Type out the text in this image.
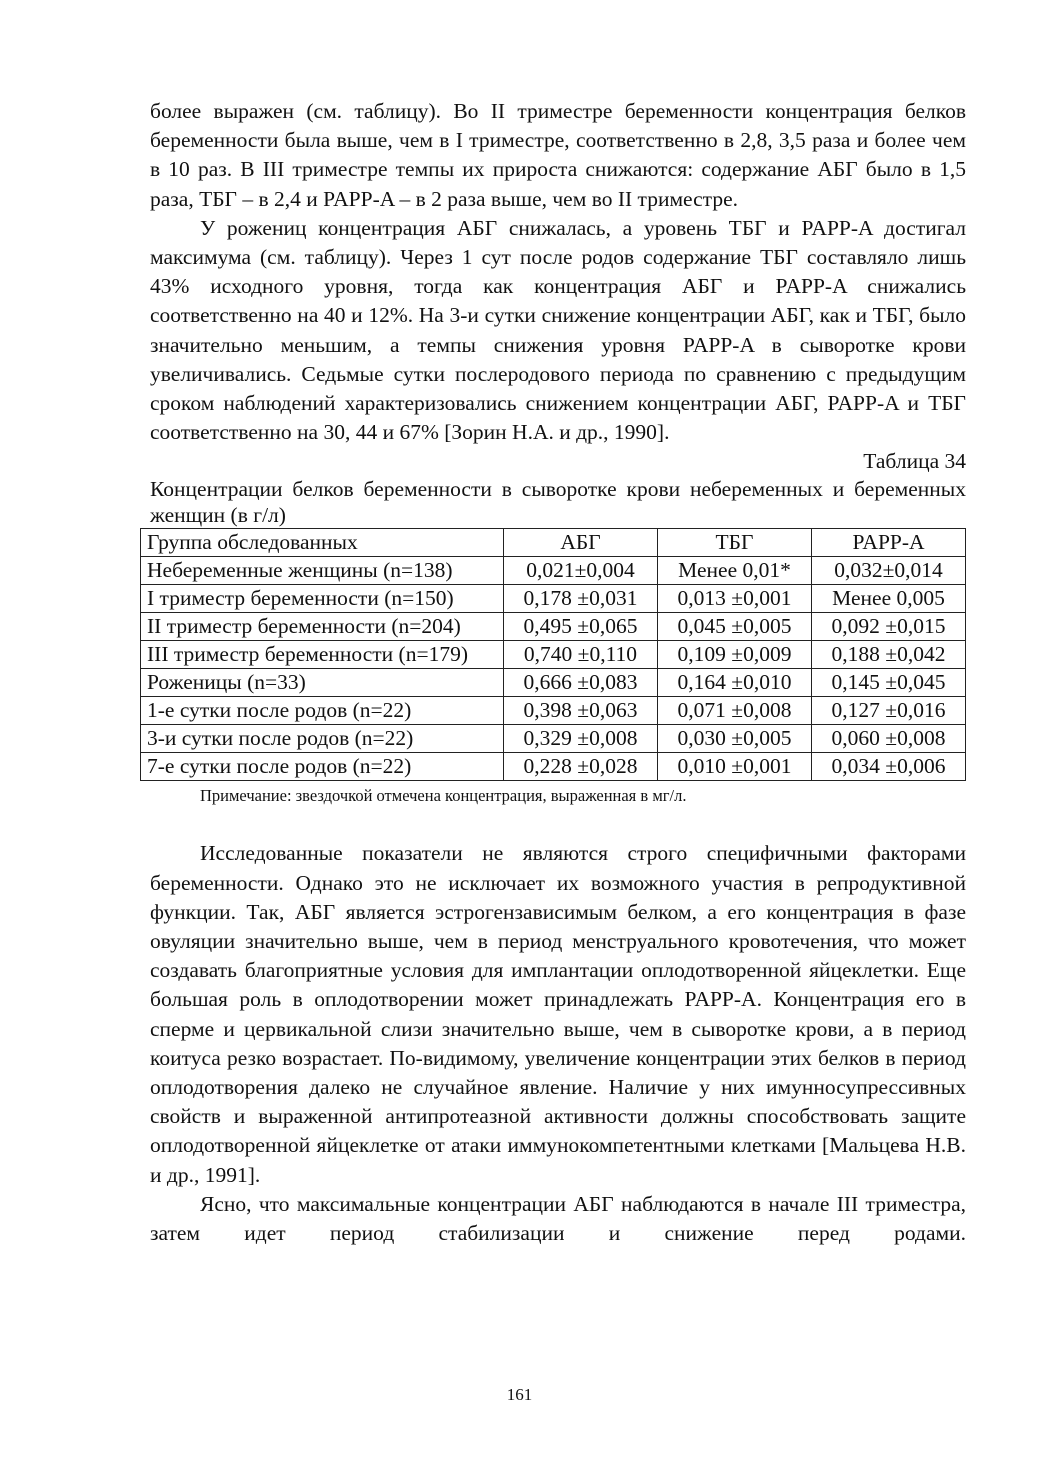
более выражен (см. таблицу). Во II триместре беременности концентрация белков беременности была выше, чем в I триместре, соответственно в 2,8, 3,5 раза и более чем в 10 раз. В III триместре темпы их прироста снижаются: содержание АБГ было в 1,5 раза, ТБГ – в 2,4 и PAPP-A – в 2 раза выше, чем во II триместре.

У рожениц концентрация АБГ снижалась, а уровень ТБГ и PAPP-A достигал максимума (см. таблицу). Через 1 сут после родов содержание ТБГ составляло лишь 43% исходного уровня, тогда как концентрация АБГ и PAPP-A снижались соответственно на 40 и 12%. На 3-и сутки снижение концентрации АБГ, как и ТБГ, было значительно меньшим, а темпы снижения уровня PAPP-A в сыворотке крови увеличивались. Седьмые сутки послеродового периода по сравнению с предыдущим сроком наблюдений характеризовались снижением концентрации АБГ, PAPP-A и ТБГ соответственно на 30, 44 и 67% [Зорин Н.А. и др., 1990].

Таблица 34
Концентрации белков беременности в сыворотке крови небеременных и беременных женщин (в г/л)
Группа обследованных	АБГ	ТБГ	PAPP-A
Небеременные женщины (n=138)	0,021±0,004	Менее 0,01*	0,032±0,014
I триместр беременности (n=150)	0,178 ±0,031	0,013 ±0,001	Менее 0,005
II триместр беременности (n=204)	0,495 ±0,065	0,045 ±0,005	0,092 ±0,015
III триместр беременности (n=179)	0,740 ±0,110	0,109 ±0,009	0,188 ±0,042
Роженицы (n=33)	0,666 ±0,083	0,164 ±0,010	0,145 ±0,045
1-е сутки после родов (n=22)	0,398 ±0,063	0,071 ±0,008	0,127 ±0,016
3-и сутки после родов (n=22)	0,329 ±0,008	0,030 ±0,005	0,060 ±0,008
7-е сутки после родов (n=22)	0,228 ±0,028	0,010 ±0,001	0,034 ±0,006
Примечание: звездочкой отмечена концентрация, выраженная в мг/л.

Исследованные показатели не являются строго специфичными факторами беременности. Однако это не исключает их возможного участия в репродуктивной функции. Так, АБГ является эстрогензависимым белком, а его концентрация в фазе овуляции значительно выше, чем в период менструального кровотечения, что может создавать благоприятные условия для имплантации оплодотворенной яйцеклетки. Еще большая роль в оплодотворении может принадлежать PAPP-A. Концентрация его в сперме и цервикальной слизи значительно выше, чем в сыворотке крови, а в период коитуса резко возрастает. По-видимому, увеличение концентрации этих белков в период оплодотворения далеко не случайное явление. Наличие у них имунносупрессивных свойств и выраженной антипротеазной активности должны способствовать защите оплодотворенной яйцеклетке от атаки иммунокомпетентными клетками [Мальцева Н.В. и др., 1991].

Ясно, что максимальные концентрации АБГ наблюдаются в начале III триместра, затем идет период стабилизации и снижение перед родами.

161
